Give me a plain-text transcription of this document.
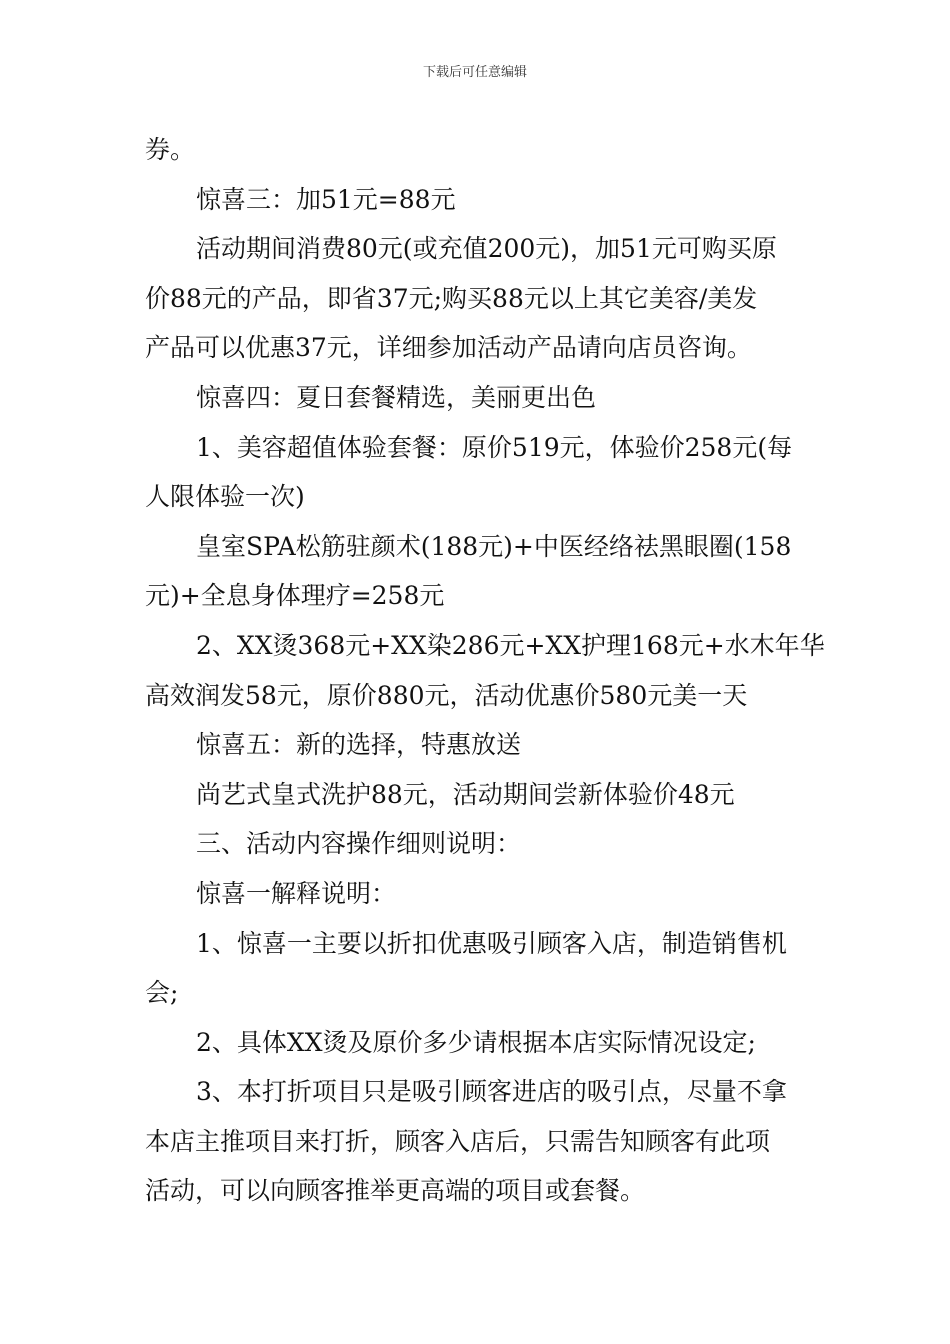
下载后可任意编辑
券。
惊喜三：加51元=88元
活动期间消费80元(或充值200元)，加51元可购买原
价88元的产品，即省37元;购买88元以上其它美容/美发
产品可以优惠37元，详细参加活动产品请向店员咨询。
惊喜四：夏日套餐精选，美丽更出色
1、美容超值体验套餐：原价519元，体验价258元(每
人限体验一次)
皇室SPA松筋驻颜术(188元)+中医经络祛黑眼圈(158
元)+全息身体理疗=258元
2、XX烫368元+XX染286元+XX护理168元+水木年华
高效润发58元，原价880元，活动优惠价580元美一天
惊喜五：新的选择，特惠放送
尚艺式皇式洗护88元，活动期间尝新体验价48元
三、活动内容操作细则说明：
惊喜一解释说明：
1、惊喜一主要以折扣优惠吸引顾客入店，制造销售机
会;
2、具体XX烫及原价多少请根据本店实际情况设定;
3、本打折项目只是吸引顾客进店的吸引点，尽量不拿
本店主推项目来打折，顾客入店后，只需告知顾客有此项
活动，可以向顾客推举更高端的项目或套餐。
